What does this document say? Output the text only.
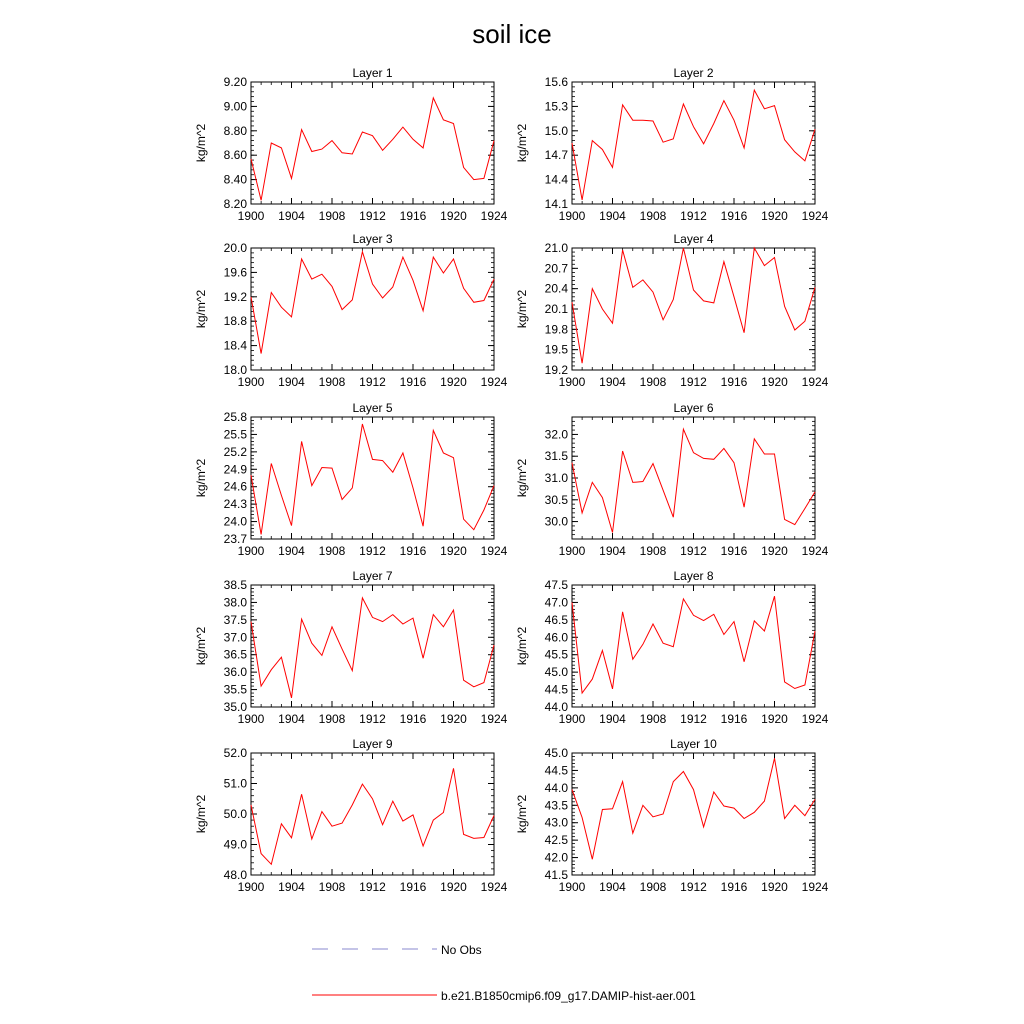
soil ice
Layer 1
kg/m^2
1900 1904 1908 1912 1916 1920 1924
8.20
8.40
8.60
8.80
9.00
9.20
Layer 2
kg/m^2
1900 1904 1908 1912 1916 1920 1924
14.1
14.4
14.7
15.0
15.3
15.6
Layer 3
kg/m^2
1900 1904 1908 1912 1916 1920 1924
18.0
18.4
18.8
19.2
19.6
20.0
Layer 4
kg/m^2
1900 1904 1908 1912 1916 1920 1924
19.2
19.5
19.8
20.1
20.4
20.7
21.0
Layer 5
kg/m^2
1900 1904 1908 1912 1916 1920 1924
23.7
24.0
24.3
24.6
24.9
25.2
25.5
25.8
Layer 6
kg/m^2
1900 1904 1908 1912 1916 1920 1924
30.0
30.5
31.0
31.5
32.0
Layer 7
kg/m^2
1900 1904 1908 1912 1916 1920 1924
35.0
35.5
36.0
36.5
37.0
37.5
38.0
38.5
Layer 8
kg/m^2
1900 1904 1908 1912 1916 1920 1924
44.0
44.5
45.0
45.5
46.0
46.5
47.0
47.5
Layer 9
kg/m^2
1900 1904 1908 1912 1916 1920 1924
48.0
49.0
50.0
51.0
52.0
Layer 10
kg/m^2
1900 1904 1908 1912 1916 1920 1924
41.5
42.0
42.5
43.0
43.5
44.0
44.5
45.0
No Obs
b.e21.B1850cmip6.f09_g17.DAMIP-hist-aer.001
